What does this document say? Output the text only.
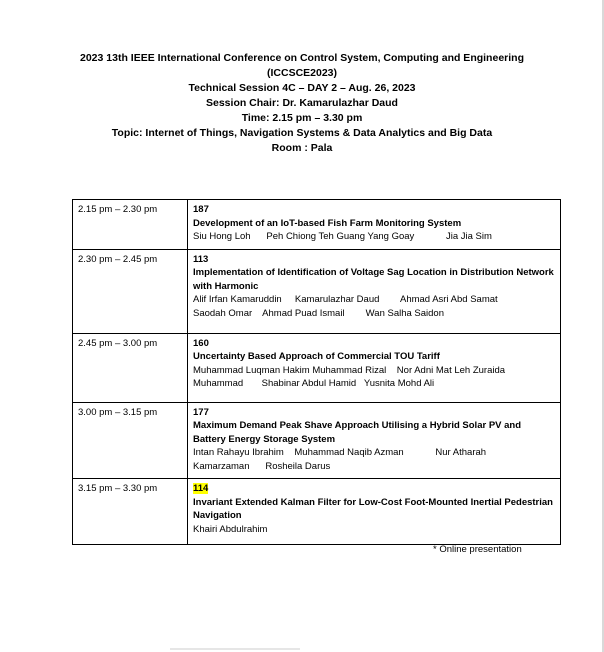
2023 13th IEEE International Conference on Control System, Computing and Engineering
(ICCSCE2023)
Technical Session 4C – DAY 2 – Aug. 26, 2023
Session Chair: Dr. Kamarulazhar Daud
Time: 2.15 pm – 3.30 pm
Topic: Internet of Things, Navigation Systems & Data Analytics and Big Data
Room : Pala
2.15 pm – 2.30 pm	187
Development of an IoT-based Fish Farm Monitoring System
Siu Hong Loh      Peh Chiong Teh Guang Yang Goay            Jia Jia Sim

2.30 pm – 2.45 pm	113
Implementation of Identification of Voltage Sag Location in Distribution Network with Harmonic
Alif Irfan Kamaruddin     Kamarulazhar Daud        Ahmad Asri Abd Samat
Saodah Omar    Ahmad Puad Ismail        Wan Salha Saidon

2.45 pm – 3.00 pm	160
Uncertainty Based Approach of Commercial TOU Tariff
Muhammad Luqman Hakim Muhammad Rizal    Nor Adni Mat Leh Zuraida
Muhammad       Shabinar Abdul Hamid   Yusnita Mohd Ali

3.00 pm – 3.15 pm	177
Maximum Demand Peak Shave Approach Utilising a Hybrid Solar PV and Battery Energy Storage System
Intan Rahayu Ibrahim    Muhammad Naqib Azman            Nur Atharah
Kamarzaman      Rosheila Darus

3.15 pm – 3.30 pm	114
Invariant Extended Kalman Filter for Low-Cost Foot-Mounted Inertial Pedestrian Navigation
Khairi Abdulrahim
* Online presentation
